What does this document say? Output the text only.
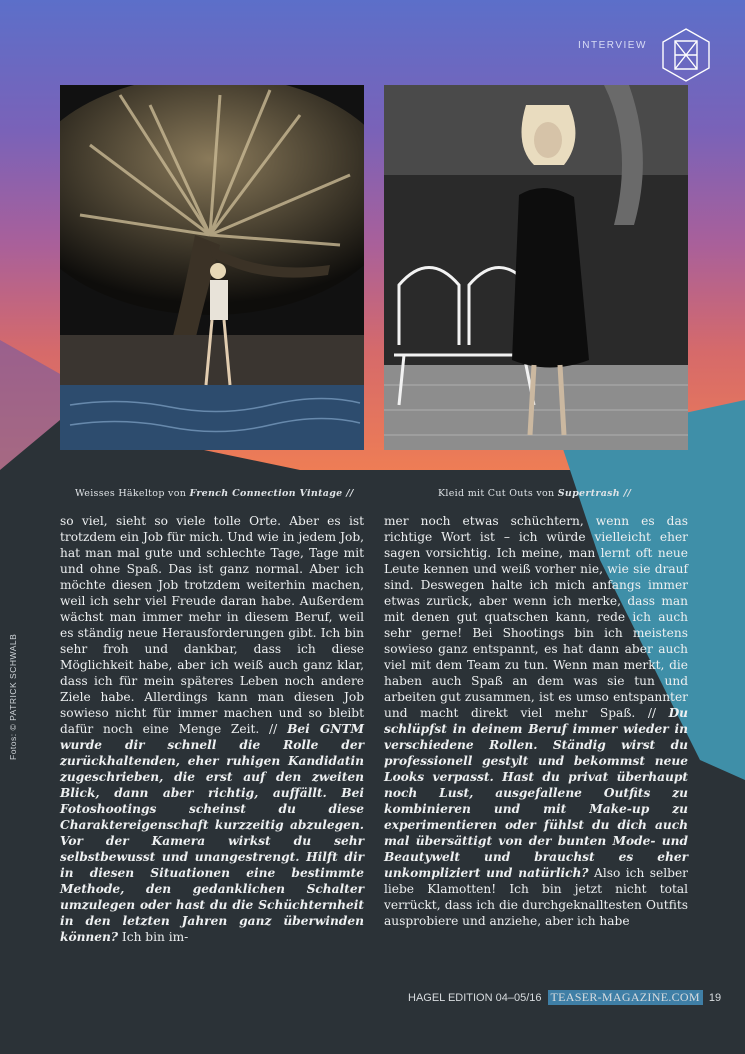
INTERVIEW
Weisses Häkeltop von French Connection Vintage //	Kleid mit Cut Outs von Supertrash //
Fotos: © PATRICK SCHWALB

so viel, sieht so viele tolle Orte. Aber es ist trotzdem ein Job für mich. Und wie in jedem Job, hat man mal gute und schlechte Tage, Tage mit und ohne Spaß. Das ist ganz normal. Aber ich möchte diesen Job trotzdem weiterhin machen, weil ich sehr viel Freude daran habe. Außerdem wächst man immer mehr in diesem Beruf, weil es ständig neue Herausforderungen gibt. Ich bin sehr froh und dankbar, dass ich diese Möglichkeit habe, aber ich weiß auch ganz klar, dass ich für mein späteres Leben noch andere Ziele habe. Allerdings kann man diesen Job sowieso nicht für immer machen und so bleibt dafür noch eine Menge Zeit. // Bei GNTM wurde dir schnell die Rolle der zurückhaltenden, eher ruhigen Kandidatin zugeschrieben, die erst auf den zweiten Blick, dann aber richtig, auffällt. Bei Fotoshootings scheinst du diese Charaktereigenschaft kurzzeitig abzulegen. Vor der Kamera wirkst du sehr selbstbewusst und unangestrengt. Hilft dir in diesen Situationen eine bestimmte Methode, den gedanklichen Schalter umzulegen oder hast du die Schüchternheit in den letzten Jahren ganz überwinden können? Ich bin im-

mer noch etwas schüchtern, wenn es das richtige Wort ist – ich würde vielleicht eher sagen vorsichtig. Ich meine, man lernt oft neue Leute kennen und weiß vorher nie, wie sie drauf sind. Deswegen halte ich mich anfangs immer etwas zurück, aber wenn ich merke, dass man mit denen gut quatschen kann, rede ich auch sehr gerne! Bei Shootings bin ich meistens sowieso ganz entspannt, es hat dann aber auch viel mit dem Team zu tun. Wenn man merkt, die haben auch Spaß an dem was sie tun und arbeiten gut zusammen, ist es umso entspannter und macht direkt viel mehr Spaß. // Du schlüpfst in deinem Beruf immer wieder in verschiedene Rollen. Ständig wirst du professionell gestylt und bekommst neue Looks verpasst. Hast du privat überhaupt noch Lust, ausgefallene Outfits zu kombinieren und mit Make-up zu experimentieren oder fühlst du dich auch mal übersättigt von der bunten Mode- und Beautywelt und brauchst es eher unkompliziert und natürlich? Also ich selber liebe Klamotten! Ich bin jetzt nicht total verrückt, dass ich die durchgeknalltesten Outfits ausprobiere und anziehe, aber ich habe

HAGEL EDITION 04–05/16 TEASER-MAGAZINE.COM 19
